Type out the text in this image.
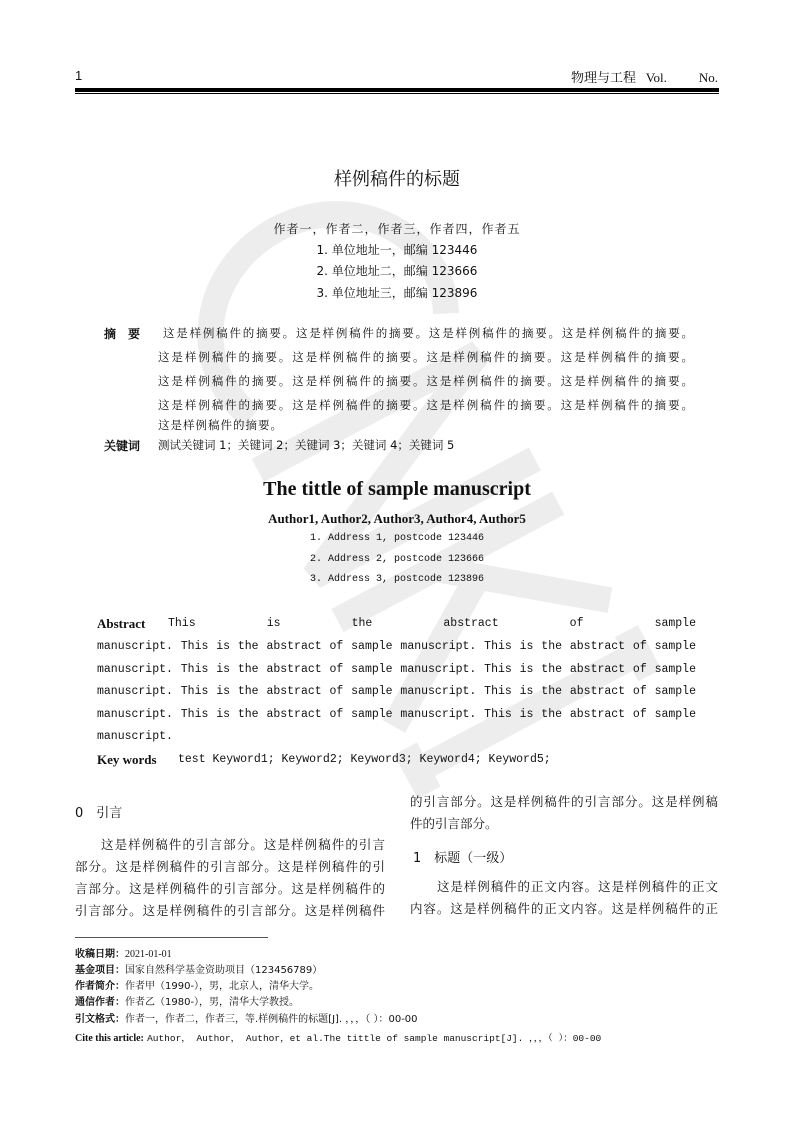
1	物理与工程 Vol. No.
样例稿件的标题
作者一，作者二，作者三，作者四，作者五
1. 单位地址一，邮编 123446
2. 单位地址二，邮编 123666
3. 单位地址三，邮编 123896
摘　要 这是样例稿件的摘要。这是样例稿件的摘要。这是样例稿件的摘要。这是样例稿件的摘要。
这是样例稿件的摘要。这是样例稿件的摘要。这是样例稿件的摘要。这是样例稿件的摘要。
这是样例稿件的摘要。这是样例稿件的摘要。这是样例稿件的摘要。这是样例稿件的摘要。
这是样例稿件的摘要。这是样例稿件的摘要。这是样例稿件的摘要。这是样例稿件的摘要。
这是样例稿件的摘要。
关键词 测试关键词 1；关键词 2；关键词 3；关键词 4；关键词 5
The tittle of sample manuscript
Author1, Author2, Author3, Author4, Author5
1. Address 1, postcode 123446
2. Address 2, postcode 123666
3. Address 3, postcode 123896
Abstract This is the abstract of sample
manuscript. This is the abstract of sample manuscript. This is the abstract of sample
manuscript. This is the abstract of sample manuscript. This is the abstract of sample
manuscript. This is the abstract of sample manuscript. This is the abstract of sample
manuscript. This is the abstract of sample manuscript. This is the abstract of sample
manuscript.
Key words test Keyword1; Keyword2; Keyword3; Keyword4; Keyword5;
0　引言
这是样例稿件的引言部分。这是样例稿件的引言
部分。这是样例稿件的引言部分。这是样例稿件的引
言部分。这是样例稿件的引言部分。这是样例稿件的
引言部分。这是样例稿件的引言部分。这是样例稿件
的引言部分。这是样例稿件的引言部分。这是样例稿
件的引言部分。
1　标题（一级）
这是样例稿件的正文内容。这是样例稿件的正文
内容。这是样例稿件的正文内容。这是样例稿件的正
收稿日期：2021-01-01
基金项目：国家自然科学基金资助项目（123456789）
作者简介：作者甲（1990-），男，北京人，清华大学。
通信作者：作者乙（1980-），男，清华大学教授。
引文格式：作者一，作者二，作者三，等.样例稿件的标题[J]. ，，，（ ）：00-00
Cite this article: Author， Author， Author，et al.The tittle of sample manuscript[J]. ，，，（ ）：00-00
